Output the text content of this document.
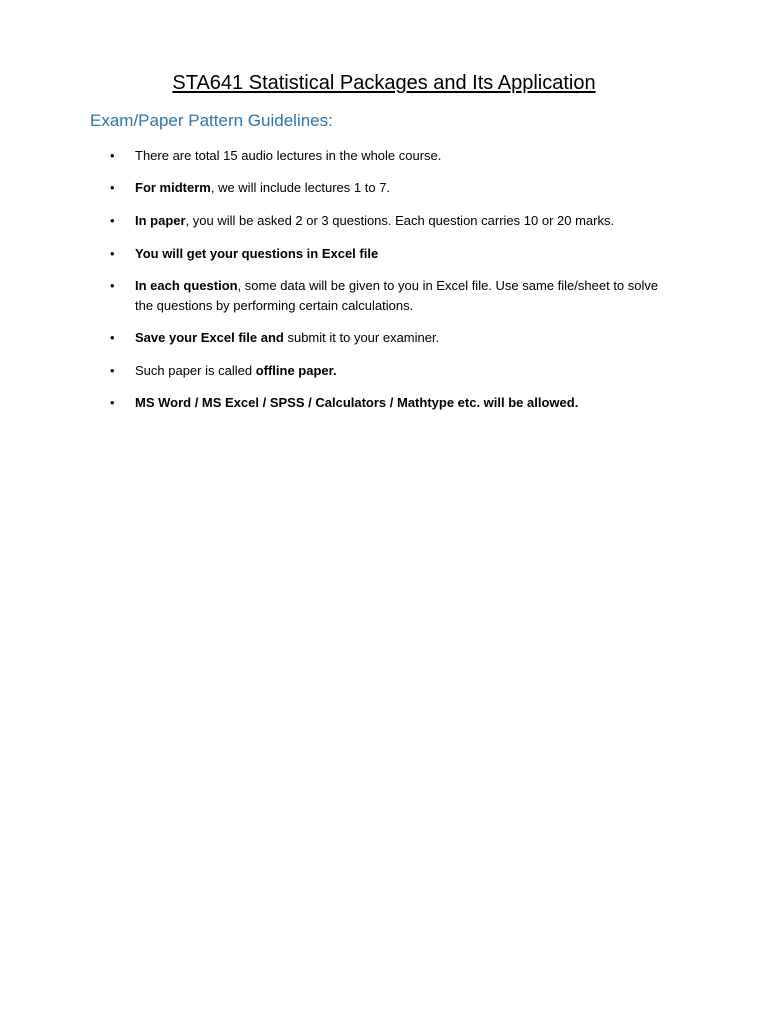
STA641 Statistical Packages and Its Application
Exam/Paper Pattern Guidelines:
•	There are total 15 audio lectures in the whole course.
•	For midterm, we will include lectures 1 to 7.
•	In paper, you will be asked 2 or 3 questions. Each question carries 10 or 20 marks.
•	You will get your questions in Excel file
•	In each question, some data will be given to you in Excel file. Use same file/sheet to solve the questions by performing certain calculations.
•	Save your Excel file and submit it to your examiner.
•	Such paper is called offline paper.
•	MS Word / MS Excel / SPSS / Calculators / Mathtype etc. will be allowed.
